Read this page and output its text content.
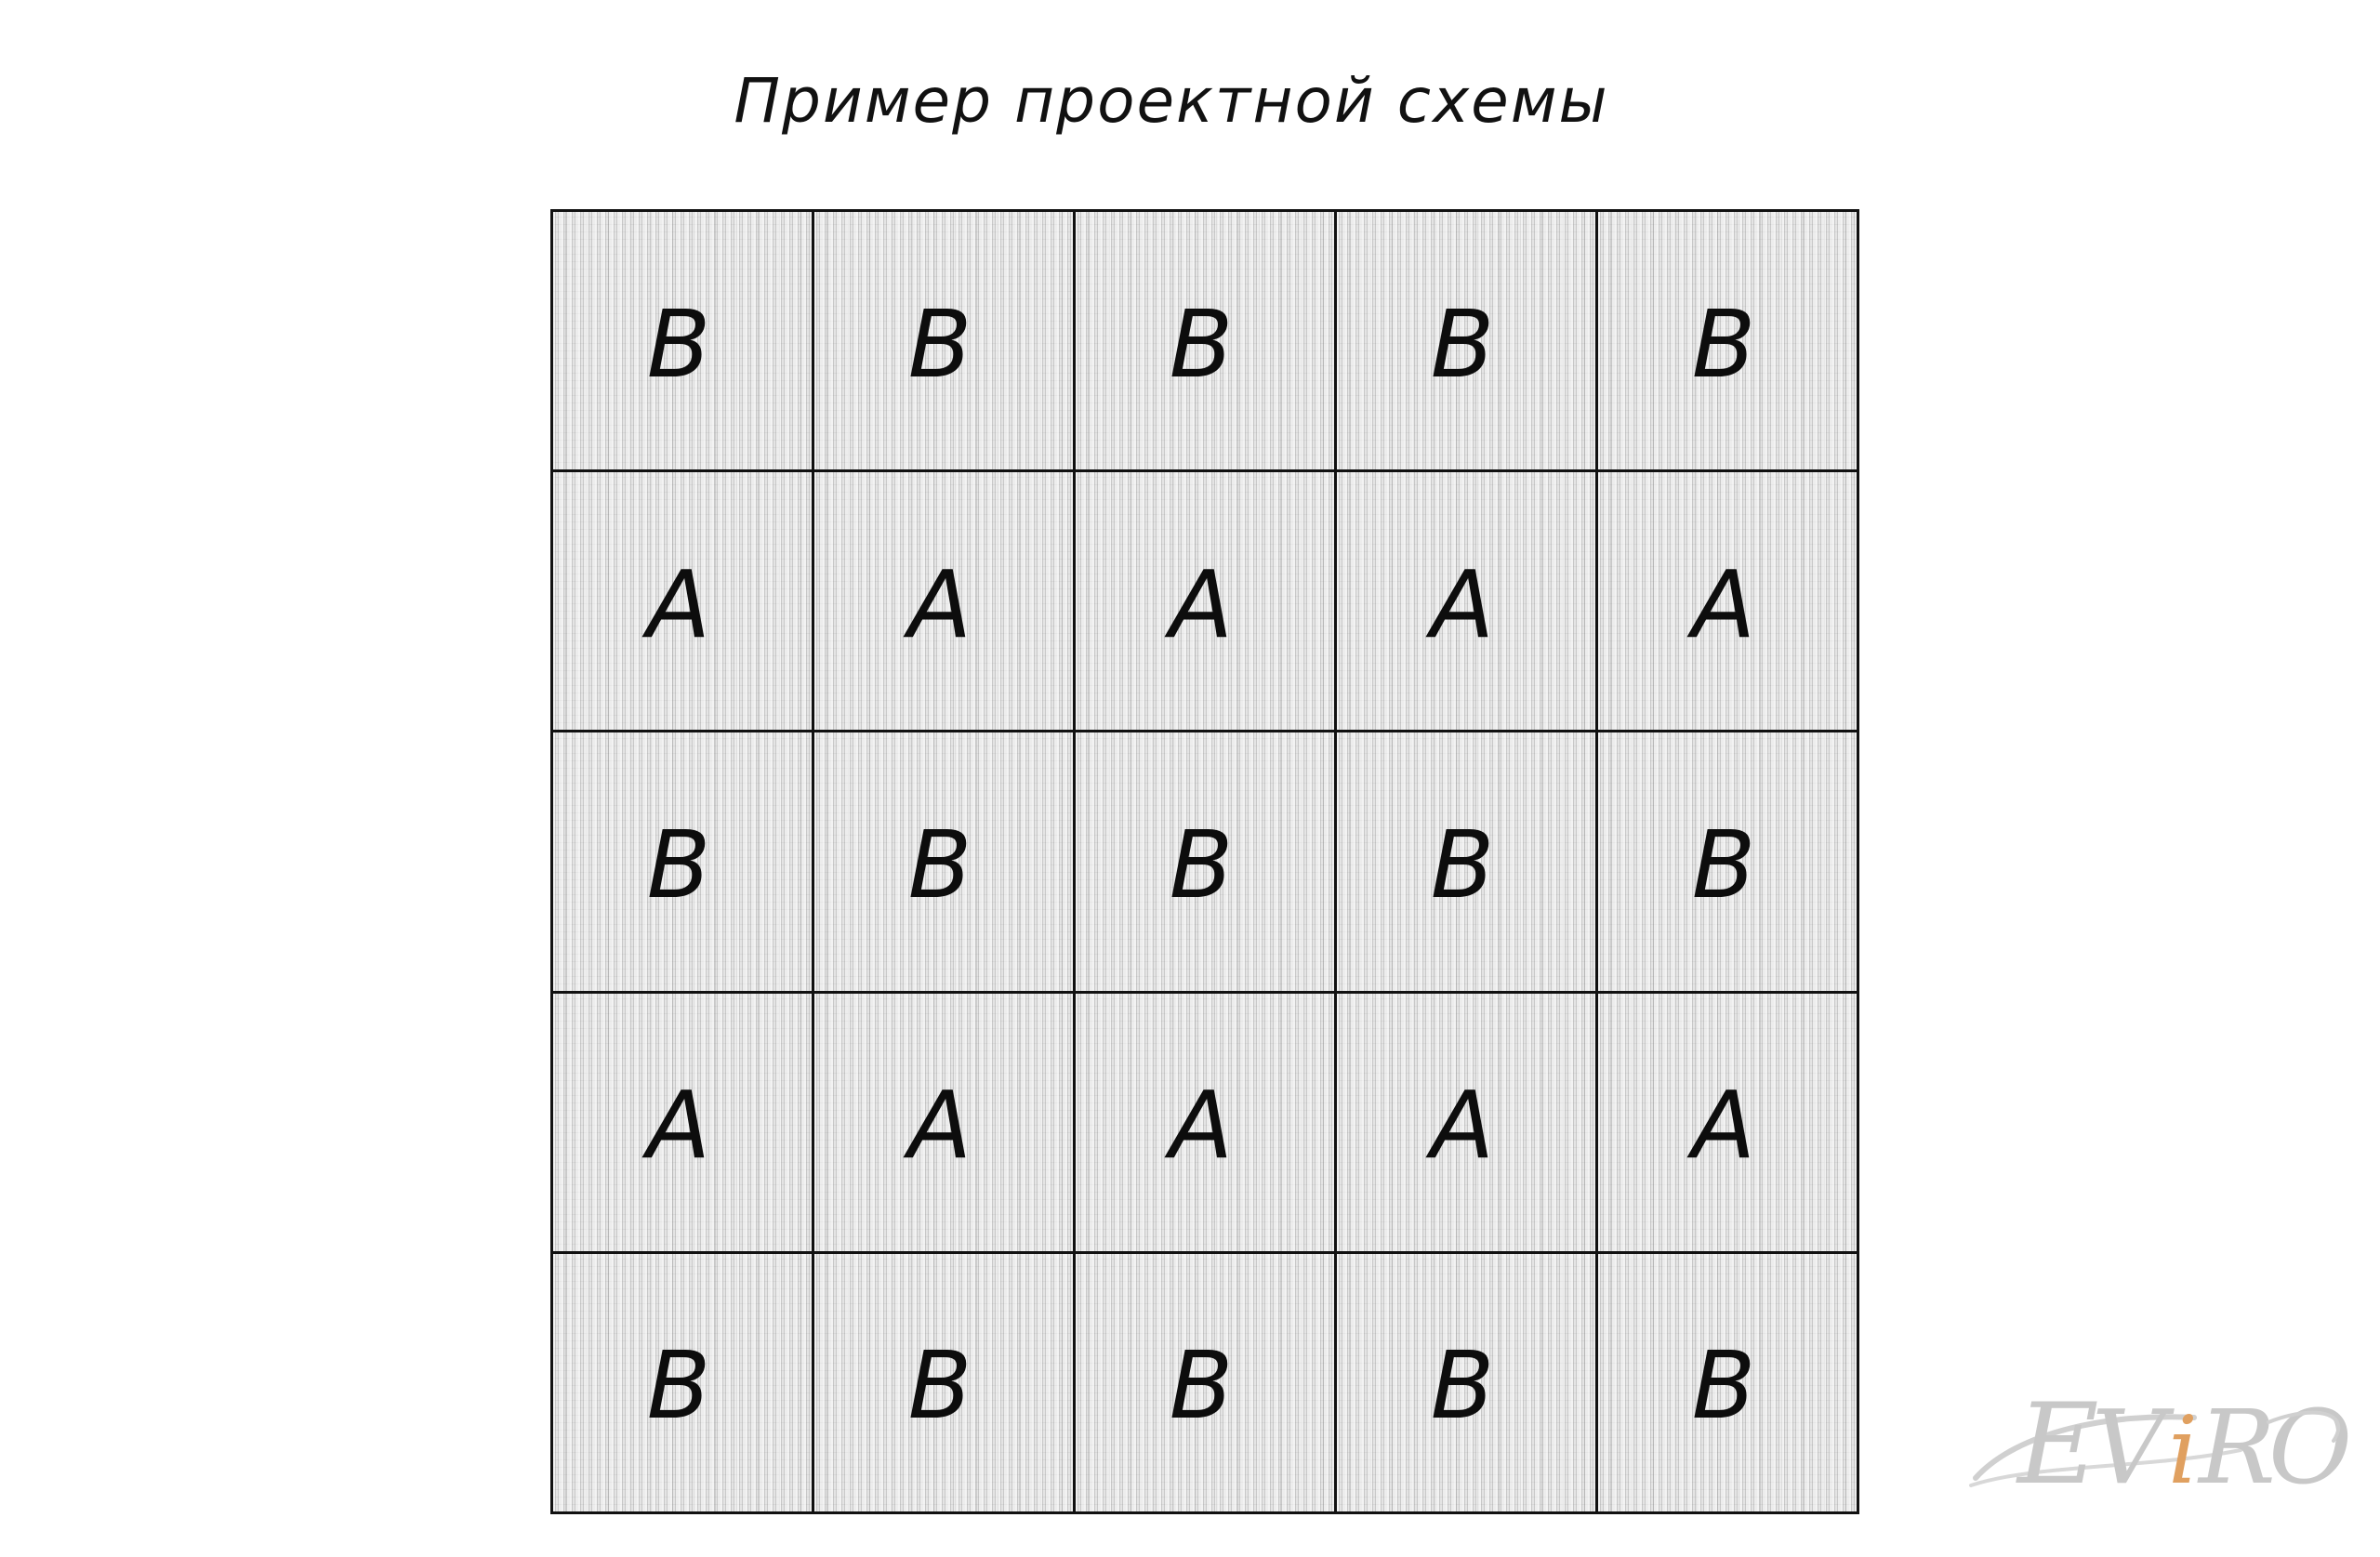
Пример проектной схемы
B B B B B
A A A A A
B B B B B
A A A A A
B B B B B E
V i R
O
